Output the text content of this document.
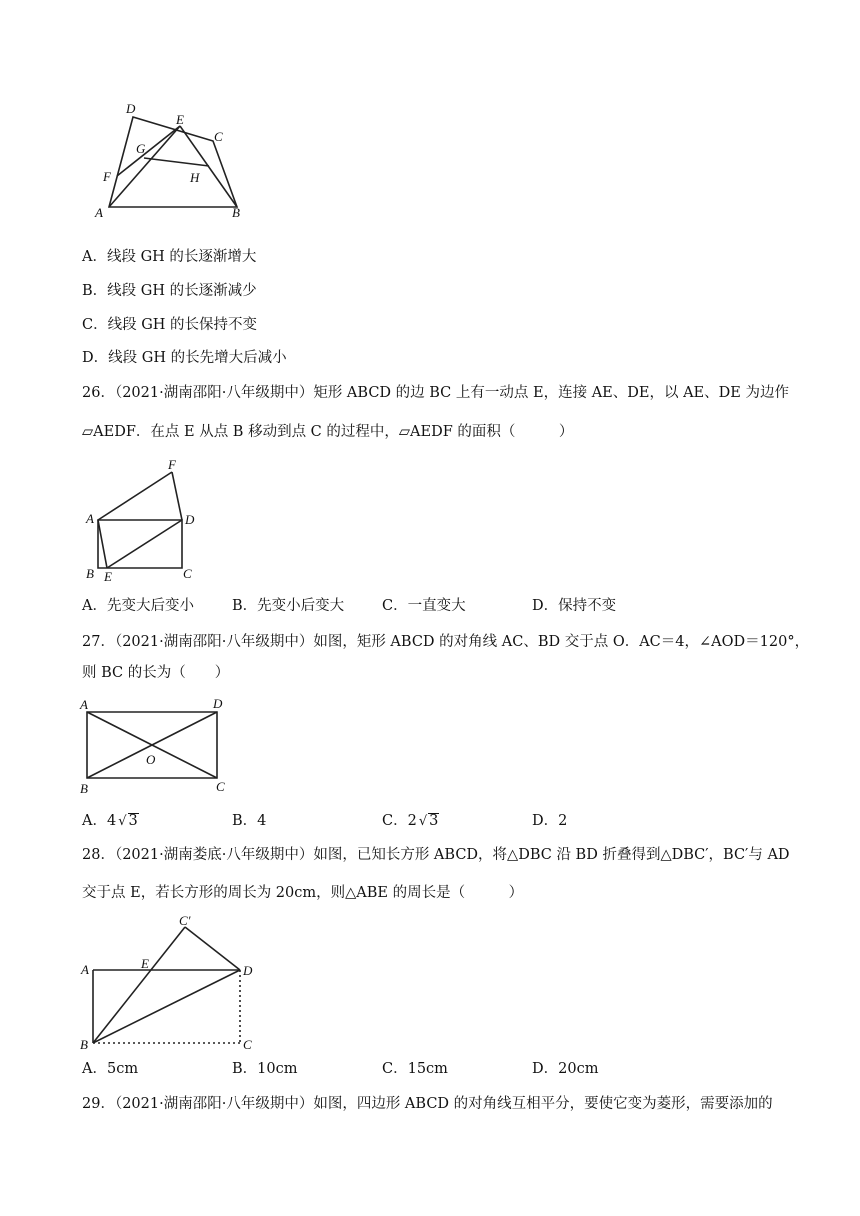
D
E
C
G
F	H
A	B
A．线段 GH 的长逐渐增大
B．线段 GH 的长逐渐减少
C．线段 GH 的长保持不变
D．线段 GH 的长先增大后减小
26．（2021·湖南邵阳·八年级期中）矩形 ABCD 的边 BC 上有一动点 E，连接 AE、DE，以 AE、DE 为边作
▱AEDF．在点 E 从点 B 移动到点 C 的过程中，▱AEDF 的面积（　　　）
F
A	D
B E	C
A．先变大后变小	B．先变小后变大	C．一直变大	D．保持不变
27．（2021·湖南邵阳·八年级期中）如图，矩形 ABCD 的对角线 AC、BD 交于点 O．AC＝4，∠AOD＝120°，
则 BC 的长为（　　）
A	D
O
B	C
A．4 √ 3	B．4	C．2 √ 3	D．2
28．（2021·湖南娄底·八年级期中）如图，已知长方形 ABCD，将△DBC 沿 BD 折叠得到△DBC′，BC′与 AD
交于点 E，若长方形的周长为 20cm，则△ABE 的周长是（　　　）
C′
A	E	D
B	C
A．5cm	B．10cm	C．15cm	D．20cm
29．（2021·湖南邵阳·八年级期中）如图，四边形 ABCD 的对角线互相平分，要使它变为菱形，需要添加的
